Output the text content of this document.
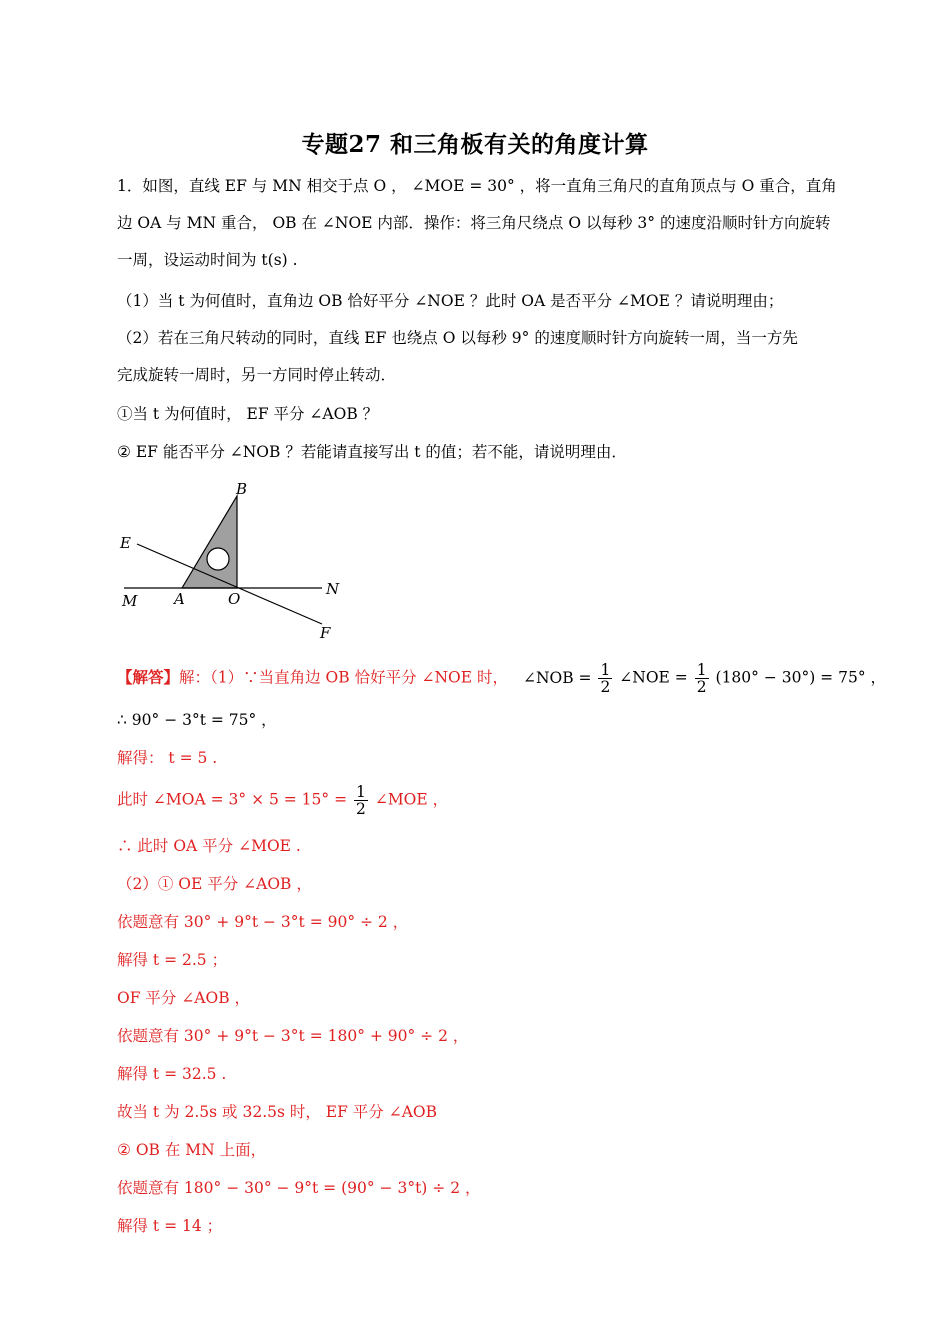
专题27 和三角板有关的角度计算
1．如图，直线 EF 与 MN 相交于点 O ， ∠MOE = 30° ，将一直角三角尺的直角顶点与 O 重合，直角
边 OA 与 MN 重合， OB 在 ∠NOE 内部．操作：将三角尺绕点 O 以每秒 3° 的速度沿顺时针方向旋转
一周，设运动时间为 t(s) .
（1）当 t 为何值时，直角边 OB 恰好平分 ∠NOE ？此时 OA 是否平分 ∠MOE ？请说明理由；
（2）若在三角尺转动的同时，直线 EF 也绕点 O 以每秒 9° 的速度顺时针方向旋转一周，当一方先
完成旋转一周时，另一方同时停止转动．
①当 t 为何值时， EF 平分 ∠AOB ？
② EF 能否平分 ∠NOB ？若能请直接写出 t 的值；若不能，请说明理由．
B
E
N
M A	O
F
【解答】解：（1）∵当直角边 OB 恰好平分 ∠NOE 时， ∠NOB = $\frac{1}{2}$ ∠NOE = $\frac{1}{2} (180^\circ - 30^\circ) = 75^\circ$ ，
∴ 90° − 3°t = 75° ，
解得： t = 5 .
此时 ∠MOA = $3^\circ \times 5 = 15^\circ = \frac{1}{2}$ ∠MOE ，
∴ 此时 OA 平分 ∠MOE .
（2）① OE 平分 ∠AOB ，
依题意有 30° + 9°t − 3°t = 90° ÷ 2 ，
解得 t = 2.5 ；
OF 平分 ∠AOB ，
依题意有 30° + 9°t − 3°t = 180° + 90° ÷ 2 ，
解得 t = 32.5 .
故当 t 为 2.5s 或 32.5s 时， EF 平分 ∠AOB
② OB 在 MN 上面，
依题意有 180° − 30° − 9°t = (90° − 3°t) ÷ 2 ，
解得 t = 14 ；
